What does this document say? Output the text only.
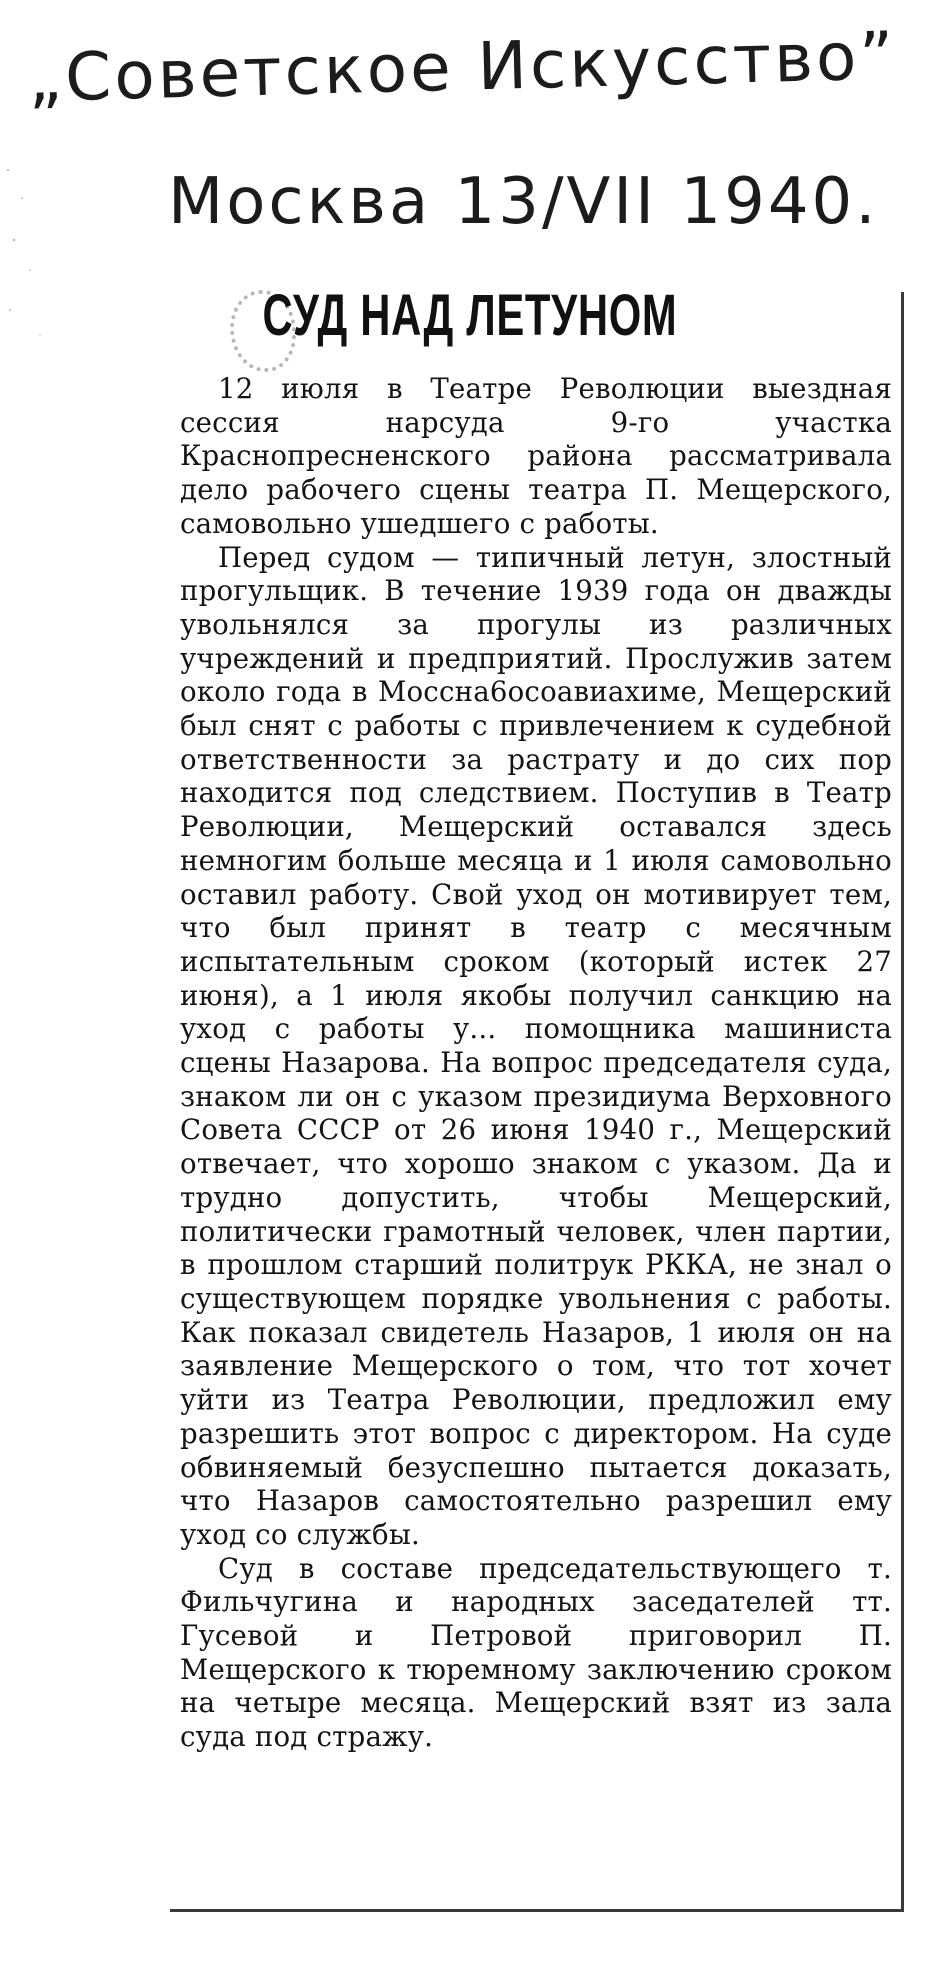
„Советское Искусство”
Москва 13/VII 1940.
СУД НАД ЛЕТУНОМ

12 июля в Театре Революции выездная сессия нарсуда 9-го участка Краснопресненского района рассматривала дело рабочего сцены театра П. Мещерского, самовольно ушедшего с работы.

Перед судом — типичный летун, злостный прогульщик. В течение 1939 года он дважды увольнялся за прогулы из различных учреждений и предприятий. Прослужив затем около года в Моссна6осоавиахиме, Мещерский был снят с работы с привлечением к судебной ответственности за растрату и до сих пор находится под следствием. Поступив в Театр Революции, Мещерский оставался здесь немногим больше месяца и 1 июля самовольно оставил работу. Свой уход он мотивирует тем, что был принят в театр с месячным испытательным сроком (который истек 27 июня), а 1 июля якобы получил санкцию на уход с работы у... помощника машиниста сцены Назарова. На вопрос председателя суда, знаком ли он с указом президиума Верховного Совета СССР от 26 июня 1940 г., Мещерский отвечает, что хорошо знаком с указом. Да и трудно допустить, чтобы Мещерский, политически грамотный человек, член партии, в прошлом старший политрук РККА, не знал о существующем порядке увольнения с работы. Как показал свидетель Назаров, 1 июля он на заявление Мещерского о том, что тот хочет уйти из Театра Революции, предложил ему разрешить этот вопрос с директором. На суде обвиняемый безуспешно пытается доказать, что Назаров самостоятельно разрешил ему уход со службы.

Суд в составе председательствующего т. Фильчугина и народных заседателей тт. Гусевой и Петровой приговорил П. Мещерского к тюремному заключению сроком на четыре месяца. Мещерский взят из зала суда под стражу.
